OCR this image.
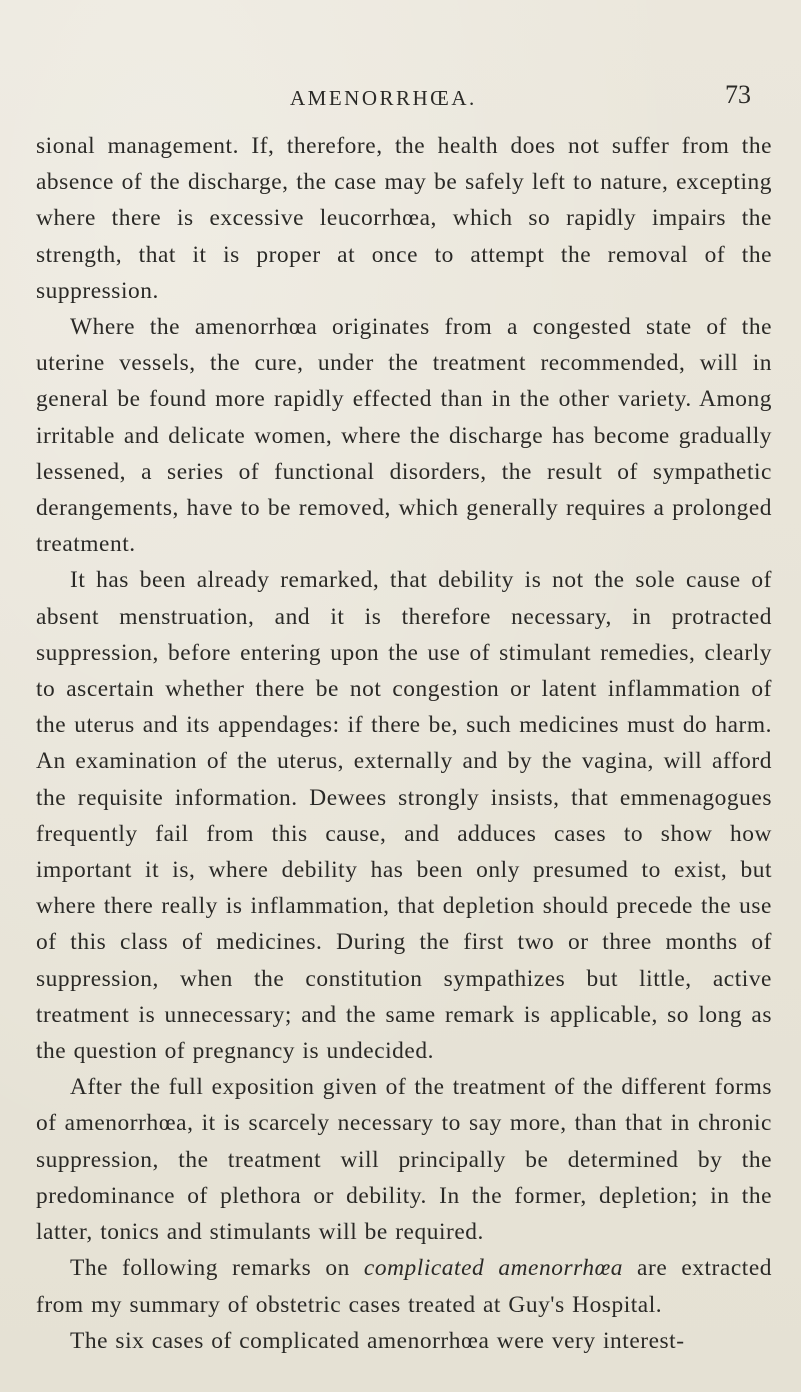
AMENORRHŒA.	73

sional management. If, therefore, the health does not suffer from the absence of the discharge, the case may be safely left to nature, excepting where there is excessive leucorrhœa, which so rapidly impairs the strength, that it is proper at once to attempt the removal of the suppression.

Where the amenorrhœa originates from a congested state of the uterine vessels, the cure, under the treatment recommended, will in general be found more rapidly effected than in the other variety. Among irritable and delicate women, where the discharge has become gradually lessened, a series of functional disorders, the result of sympathetic derangements, have to be removed, which generally requires a prolonged treatment.

It has been already remarked, that debility is not the sole cause of absent menstruation, and it is therefore necessary, in protracted suppression, before entering upon the use of stimulant remedies, clearly to ascertain whether there be not congestion or latent inflammation of the uterus and its appendages: if there be, such medicines must do harm. An examination of the uterus, externally and by the vagina, will afford the requisite information. Dewees strongly insists, that emmenagogues frequently fail from this cause, and adduces cases to show how important it is, where debility has been only presumed to exist, but where there really is inflammation, that depletion should precede the use of this class of medicines. During the first two or three months of suppression, when the constitution sympathizes but little, active treatment is unnecessary; and the same remark is applicable, so long as the question of pregnancy is undecided.

After the full exposition given of the treatment of the different forms of amenorrhœa, it is scarcely necessary to say more, than that in chronic suppression, the treatment will principally be determined by the predominance of plethora or debility. In the former, depletion; in the latter, tonics and stimulants will be required.

The following remarks on complicated amenorrhœa are extracted from my summary of obstetric cases treated at Guy's Hospital.

The six cases of complicated amenorrhœa were very interest-
